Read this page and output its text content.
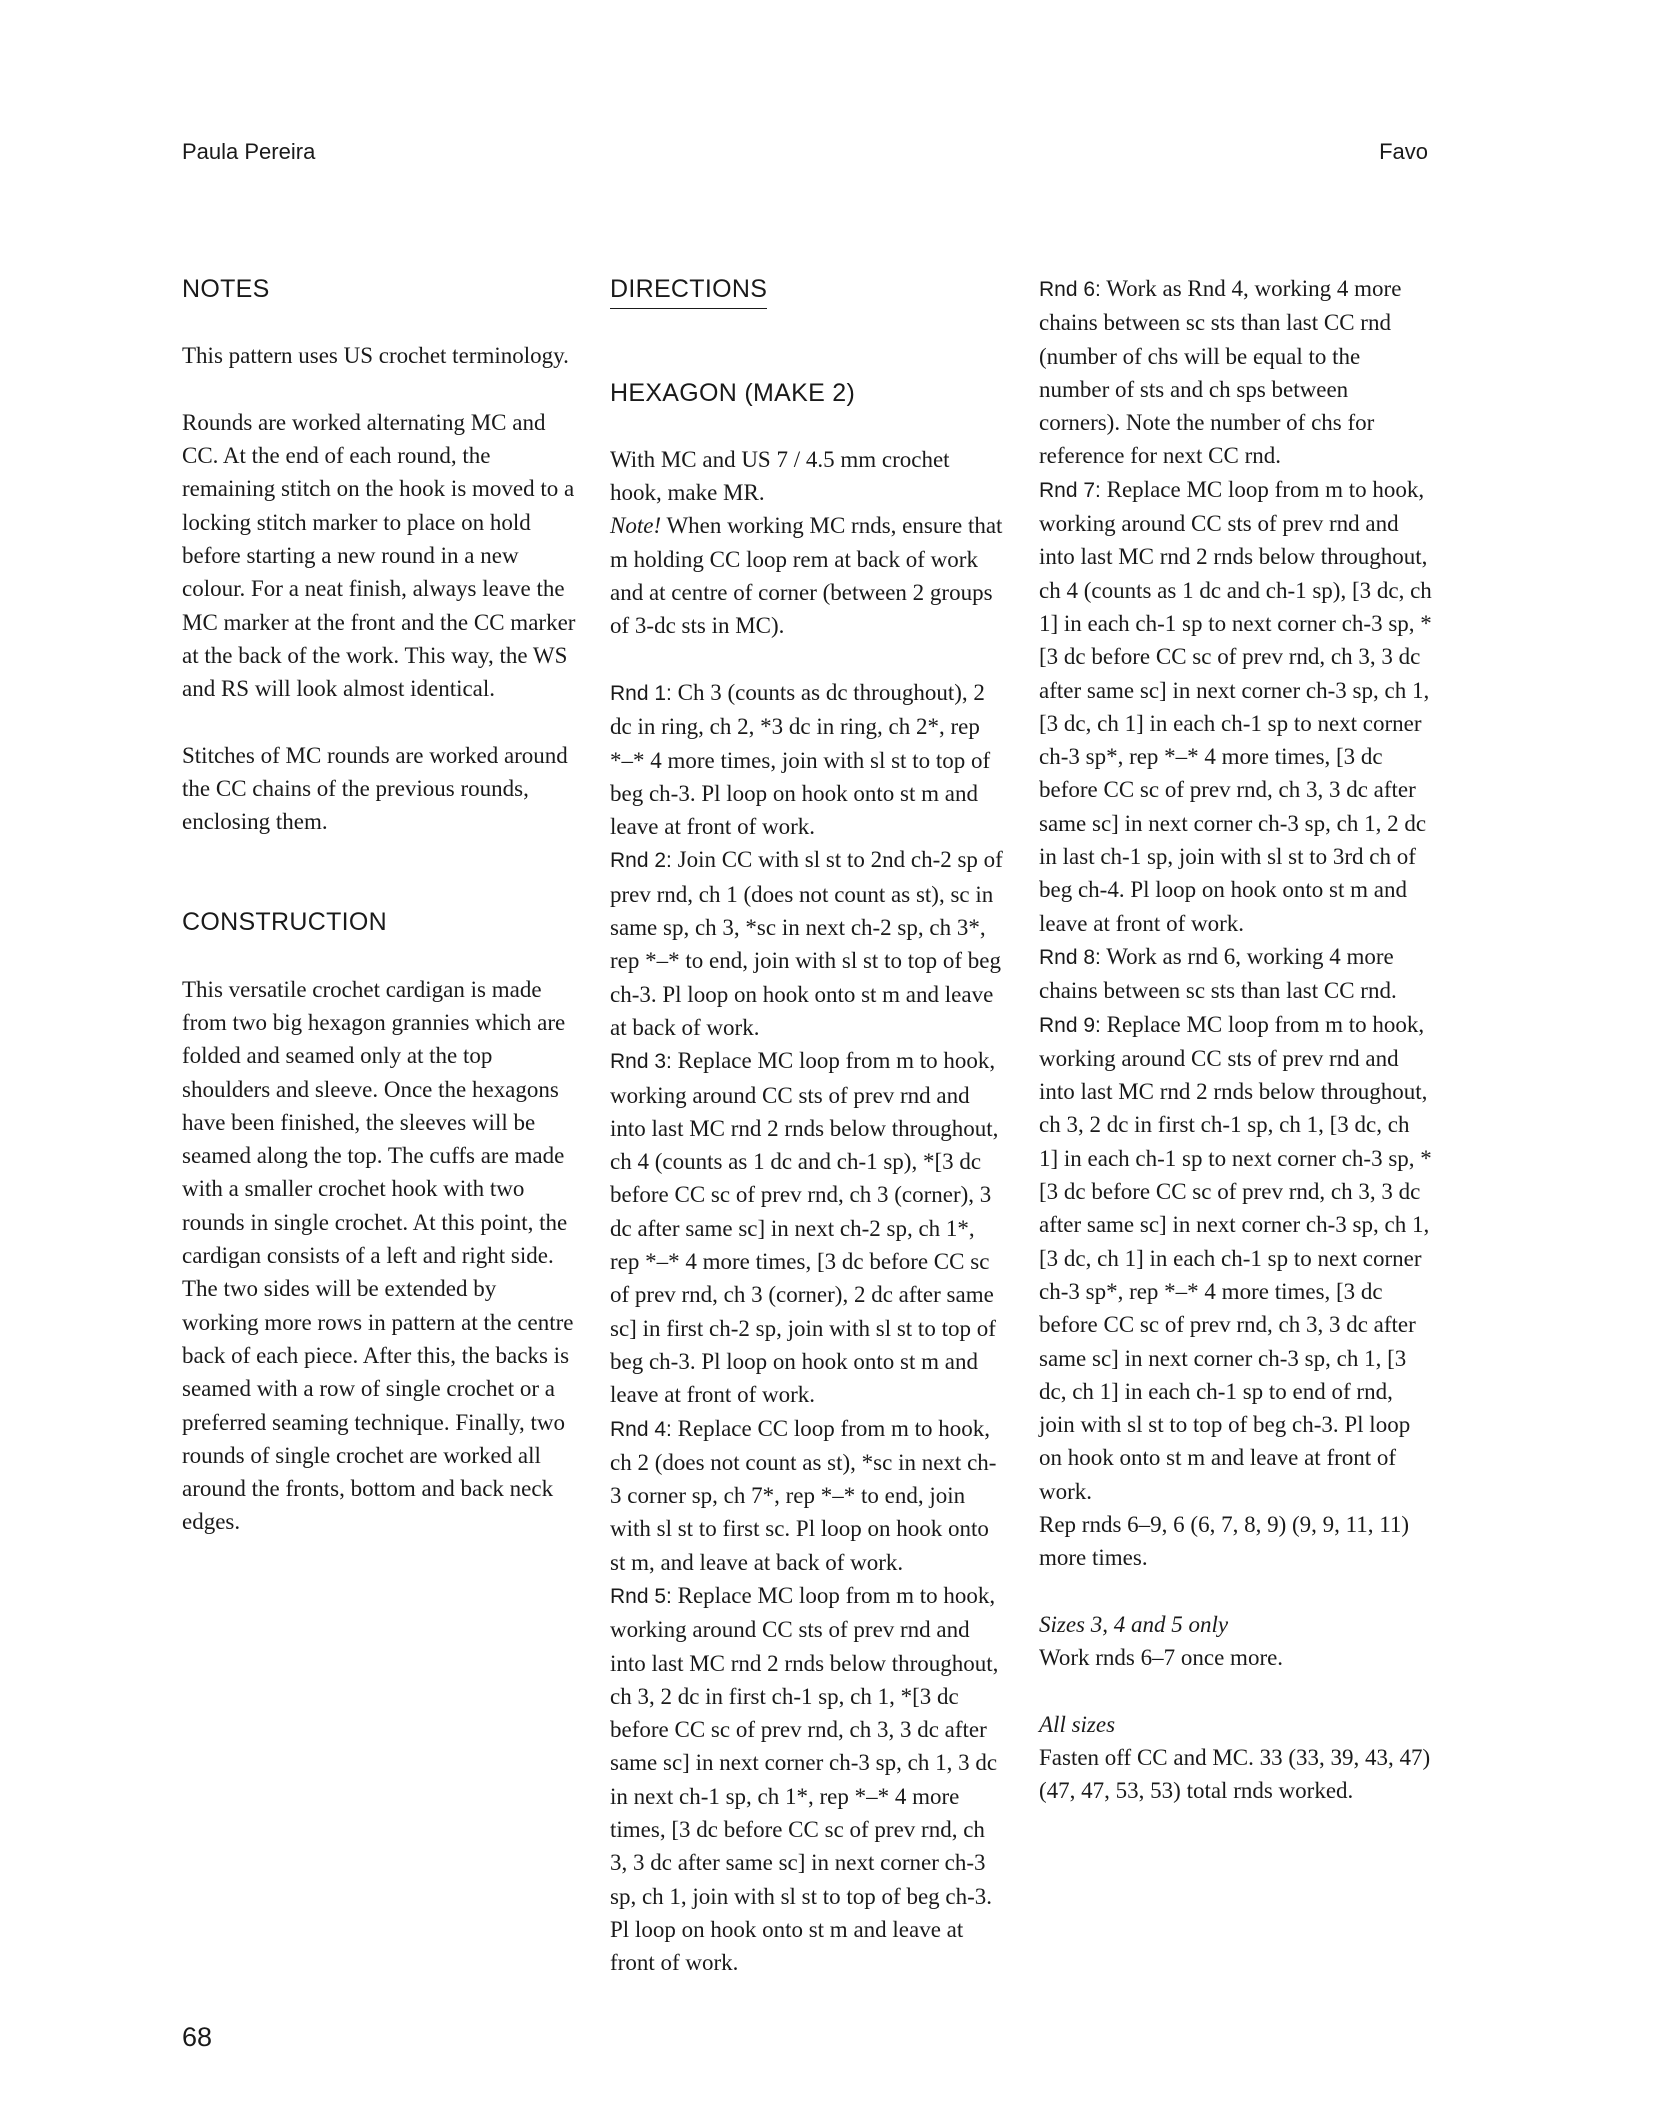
Paula Pereira	Favo
NOTES

This pattern uses US crochet terminology.

Rounds are worked alternating MC and CC. At the end of each round, the remaining stitch on the hook is moved to a locking stitch marker to place on hold before starting a new round in a new colour. For a neat finish, always leave the MC marker at the front and the CC marker at the back of the work. This way, the WS and RS will look almost identical.

Stitches of MC rounds are worked around the CC chains of the previous rounds, enclosing them.

CONSTRUCTION

This versatile crochet cardigan is made from two big hexagon grannies which are folded and seamed only at the top shoulders and sleeve. Once the hexagons have been finished, the sleeves will be seamed along the top. The cuffs are made with a smaller crochet hook with two rounds in single crochet. At this point, the cardigan consists of a left and right side. The two sides will be extended by working more rows in pattern at the centre back of each piece. After this, the backs is seamed with a row of single crochet or a preferred seaming technique. Finally, two rounds of single crochet are worked all around the fronts, bottom and back neck edges.

DIRECTIONS
HEXAGON (MAKE 2)

With MC and US 7 / 4.5 mm crochet hook, make MR.

Note! When working MC rnds, ensure that m holding CC loop rem at back of work and at centre of corner (between 2 groups of 3-dc sts in MC).

Rnd 1: Ch 3 (counts as dc throughout), 2 dc in ring, ch 2, *3 dc in ring, ch 2*, rep *–* 4 more times, join with sl st to top of beg ch-3. Pl loop on hook onto st m and leave at front of work.

Rnd 2: Join CC with sl st to 2nd ch-2 sp of prev rnd, ch 1 (does not count as st), sc in same sp, ch 3, *sc in next ch-2 sp, ch 3*, rep *–* to end, join with sl st to top of beg ch-3. Pl loop on hook onto st m and leave at back of work.

Rnd 3: Replace MC loop from m to hook, working around CC sts of prev rnd and into last MC rnd 2 rnds below throughout, ch 4 (counts as 1 dc and ch-1 sp), *[3 dc before CC sc of prev rnd, ch 3 (corner), 3 dc after same sc] in next ch-2 sp, ch 1*, rep *–* 4 more times, [3 dc before CC sc of prev rnd, ch 3 (corner), 2 dc after same sc] in first ch-2 sp, join with sl st to top of beg ch-3. Pl loop on hook onto st m and leave at front of work.

Rnd 4: Replace CC loop from m to hook, ch 2 (does not count as st), *sc in next ch-3 corner sp, ch 7*, rep *–* to end, join with sl st to first sc. Pl loop on hook onto st m, and leave at back of work.

Rnd 5: Replace MC loop from m to hook, working around CC sts of prev rnd and into last MC rnd 2 rnds below throughout, ch 3, 2 dc in first ch-1 sp, ch 1, *[3 dc before CC sc of prev rnd, ch 3, 3 dc after same sc] in next corner ch-3 sp, ch 1, 3 dc in next ch-1 sp, ch 1*, rep *–* 4 more times, [3 dc before CC sc of prev rnd, ch 3, 3 dc after same sc] in next corner ch-3 sp, ch 1, join with sl st to top of beg ch-3. Pl loop on hook onto st m and leave at front of work.

Rnd 6: Work as Rnd 4, working 4 more chains between sc sts than last CC rnd (number of chs will be equal to the number of sts and ch sps between corners). Note the number of chs for reference for next CC rnd.

Rnd 7: Replace MC loop from m to hook, working around CC sts of prev rnd and into last MC rnd 2 rnds below throughout, ch 4 (counts as 1 dc and ch-1 sp), [3 dc, ch 1] in each ch-1 sp to next corner ch-3 sp, *[3 dc before CC sc of prev rnd, ch 3, 3 dc after same sc] in next corner ch-3 sp, ch 1, [3 dc, ch 1] in each ch-1 sp to next corner ch-3 sp*, rep *–* 4 more times, [3 dc before CC sc of prev rnd, ch 3, 3 dc after same sc] in next corner ch-3 sp, ch 1, 2 dc in last ch-1 sp, join with sl st to 3rd ch of beg ch-4. Pl loop on hook onto st m and leave at front of work.

Rnd 8: Work as rnd 6, working 4 more chains between sc sts than last CC rnd.

Rnd 9: Replace MC loop from m to hook, working around CC sts of prev rnd and into last MC rnd 2 rnds below throughout, ch 3, 2 dc in first ch-1 sp, ch 1, [3 dc, ch 1] in each ch-1 sp to next corner ch-3 sp, *[3 dc before CC sc of prev rnd, ch 3, 3 dc after same sc] in next corner ch-3 sp, ch 1, [3 dc, ch 1] in each ch-1 sp to next corner ch-3 sp*, rep *–* 4 more times, [3 dc before CC sc of prev rnd, ch 3, 3 dc after same sc] in next corner ch-3 sp, ch 1, [3 dc, ch 1] in each ch-1 sp to end of rnd, join with sl st to top of beg ch-3. Pl loop on hook onto st m and leave at front of work.

Rep rnds 6–9, 6 (6, 7, 8, 9) (9, 9, 11, 11) more times.

Sizes 3, 4 and 5 only

Work rnds 6–7 once more.

All sizes

Fasten off CC and MC. 33 (33, 39, 43, 47) (47, 47, 53, 53) total rnds worked.

68
